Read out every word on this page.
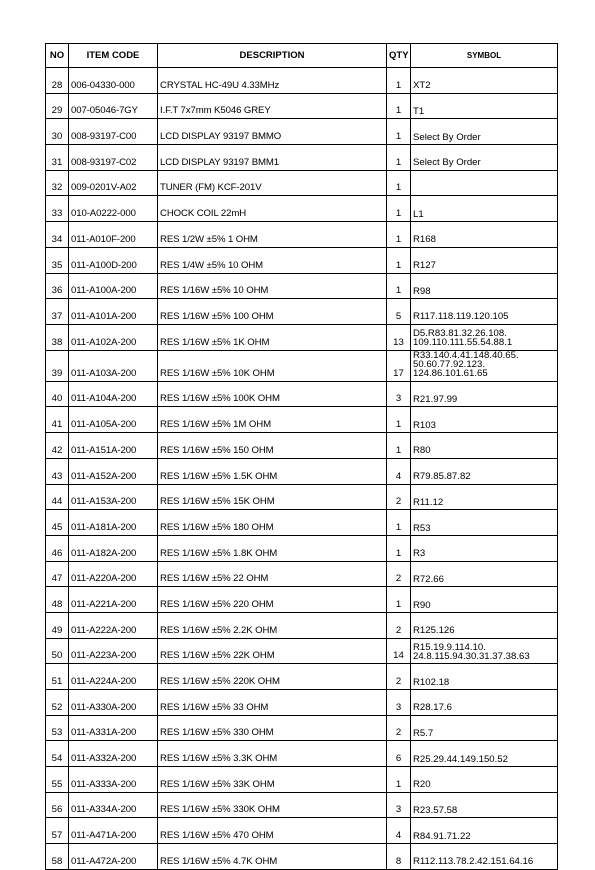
NO	ITEM CODE	DESCRIPTION	QTY	SYMBOL
28	006-04330-000	CRYSTAL HC-49U 4.33MHz	1	XT2

29	007-05046-7GY	I.F.T 7x7mm K5046 GREY	1	T1

30	008-93197-C00	LCD DISPLAY 93197 BMMO	1	Select By Order

31	008-93197-C02	LCD DISPLAY 93197 BMM1	1	Select By Order

32	009-0201V-A02	TUNER (FM) KCF-201V	1	

33	010-A0222-000	CHOCK COIL 22mH	1	L1

34	011-A010F-200	RES 1/2W ±5% 1 OHM	1	R168

35	011-A100D-200	RES 1/4W ±5% 10 OHM	1	R127

36	011-A100A-200	RES 1/16W ±5% 10 OHM	1	R98

37	011-A101A-200	RES 1/16W ±5% 100 OHM	5	R117.118.119.120.105

38	011-A102A-200	RES 1/16W ±5% 1K OHM	13	D5.R83.81.32.26.108.
109.110.111.55.54.88.1

39	011-A103A-200	RES 1/16W ±5% 10K OHM	17	R33.140.4.41.148.40.65.
50.60.77.92.123.
124.86.101.61.65

40	011-A104A-200	RES 1/16W ±5% 100K OHM	3	R21.97.99

41	011-A105A-200	RES 1/16W ±5% 1M OHM	1	R103

42	011-A151A-200	RES 1/16W ±5% 150 OHM	1	R80

43	011-A152A-200	RES 1/16W ±5% 1.5K OHM	4	R79.85.87.82

44	011-A153A-200	RES 1/16W ±5% 15K OHM	2	R11.12

45	011-A181A-200	RES 1/16W ±5% 180 OHM	1	R53

46	011-A182A-200	RES 1/16W ±5% 1.8K OHM	1	R3

47	011-A220A-200	RES 1/16W ±5% 22 OHM	2	R72.66

48	011-A221A-200	RES 1/16W ±5% 220 OHM	1	R90

49	011-A222A-200	RES 1/16W ±5% 2.2K OHM	2	R125.126

50	011-A223A-200	RES 1/16W ±5% 22K OHM	14	R15.19.9.114.10.
24.8.115.94.30.31.37.38.63

51	011-A224A-200	RES 1/16W ±5% 220K OHM	2	R102.18

52	011-A330A-200	RES 1/16W ±5% 33 OHM	3	R28.17.6

53	011-A331A-200	RES 1/16W ±5% 330 OHM	2	R5.7

54	011-A332A-200	RES 1/16W ±5% 3.3K OHM	6	R25.29.44.149.150.52

55	011-A333A-200	RES 1/16W ±5% 33K OHM	1	R20

56	011-A334A-200	RES 1/16W ±5% 330K OHM	3	R23.57.58

57	011-A471A-200	RES 1/16W ±5% 470 OHM	4	R84.91.71.22

58	011-A472A-200	RES 1/16W ±5% 4.7K OHM	8	R112.113.78.2.42.151.64.16
